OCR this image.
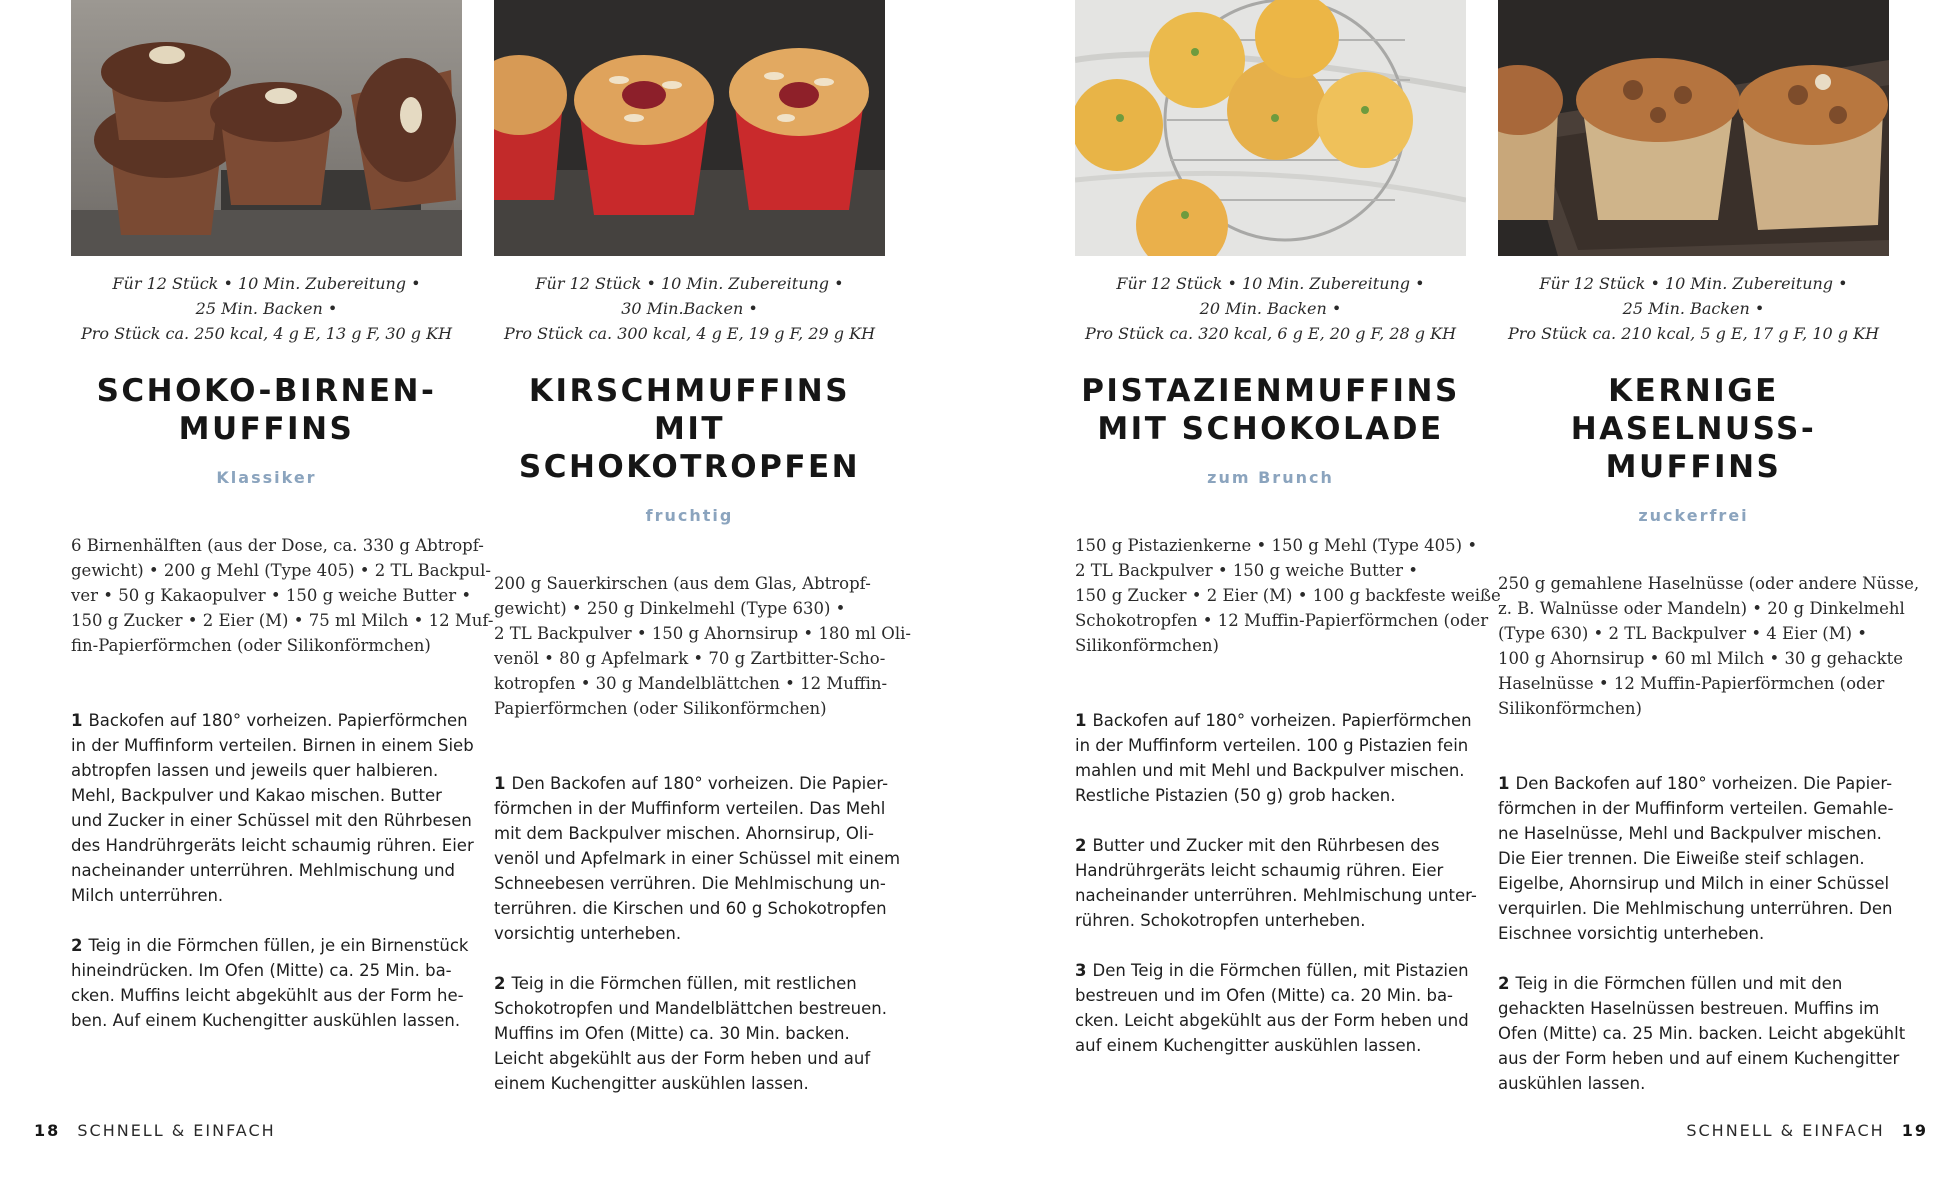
Für 12 Stück • 10 Min. Zubereitung •
25 Min. Backen •
Pro Stück ca. 250 kcal, 4 g E, 13 g F, 30 g KH
SCHOKO-BIRNEN-
MUFFINS
Klassiker
6 Birnenhälften (aus der Dose, ca. 330 g Abtropf-
gewicht) • 200 g Mehl (Type 405) • 2 TL Backpul-
ver • 50 g Kakaopulver • 150 g weiche Butter •
150 g Zucker • 2 Eier (M) • 75 ml Milch • 12 Muf-
fin-Papierförmchen (oder Silikonförmchen)
1 Backofen auf 180° vorheizen. Papierförmchen
in der Muffinform verteilen. Birnen in einem Sieb
abtropfen lassen und jeweils quer halbieren.
Mehl, Backpulver und Kakao mischen. Butter
und Zucker in einer Schüssel mit den Rührbesen
des Handrührgeräts leicht schaumig rühren. Eier
nacheinander unterrühren. Mehlmischung und
Milch unterrühren.
2 Teig in die Förmchen füllen, je ein Birnenstück
hineindrücken. Im Ofen (Mitte) ca. 25 Min. ba-
cken. Muffins leicht abgekühlt aus der Form he-
ben. Auf einem Kuchengitter auskühlen lassen.
Für 12 Stück • 10 Min. Zubereitung •
30 Min.Backen •
Pro Stück ca. 300 kcal, 4 g E, 19 g F, 29 g KH
KIRSCHMUFFINS MIT
SCHOKOTROPFEN
fruchtig
200 g Sauerkirschen (aus dem Glas, Abtropf-
gewicht) • 250 g Dinkelmehl (Type 630) •
2 TL Backpulver • 150 g Ahornsirup • 180 ml Oli-
venöl • 80 g Apfelmark • 70 g Zartbitter-Scho-
kotropfen • 30 g Mandelblättchen • 12 Muffin-
Papierförmchen (oder Silikonförmchen)
1 Den Backofen auf 180° vorheizen. Die Papier-
förmchen in der Muffinform verteilen. Das Mehl
mit dem Backpulver mischen. Ahornsirup, Oli-
venöl und Apfelmark in einer Schüssel mit einem
Schneebesen verrühren. Die Mehlmischung un-
terrühren. die Kirschen und 60 g Schokotropfen
vorsichtig unterheben.
2 Teig in die Förmchen füllen, mit restlichen
Schokotropfen und Mandelblättchen bestreuen.
Muffins im Ofen (Mitte) ca. 30 Min. backen.
Leicht abgekühlt aus der Form heben und auf
einem Kuchengitter auskühlen lassen.
Für 12 Stück • 10 Min. Zubereitung •
20 Min. Backen •
Pro Stück ca. 320 kcal, 6 g E, 20 g F, 28 g KH
PISTAZIENMUFFINS
MIT SCHOKOLADE
zum Brunch
150 g Pistazienkerne • 150 g Mehl (Type 405) •
2 TL Backpulver • 150 g weiche Butter •
150 g Zucker • 2 Eier (M) • 100 g backfeste weiße
Schokotropfen • 12 Muffin-Papierförmchen (oder
Silikonförmchen)
1 Backofen auf 180° vorheizen. Papierförmchen
in der Muffinform verteilen. 100 g Pistazien fein
mahlen und mit Mehl und Backpulver mischen.
Restliche Pistazien (50 g) grob hacken.
2 Butter und Zucker mit den Rührbesen des
Handrührgeräts leicht schaumig rühren. Eier
nacheinander unterrühren. Mehlmischung unter-
rühren. Schokotropfen unterheben.
3 Den Teig in die Förmchen füllen, mit Pistazien
bestreuen und im Ofen (Mitte) ca. 20 Min. ba-
cken. Leicht abgekühlt aus der Form heben und
auf einem Kuchengitter auskühlen lassen.
Für 12 Stück • 10 Min. Zubereitung •
25 Min. Backen •
Pro Stück ca. 210 kcal, 5 g E, 17 g F, 10 g KH
KERNIGE HASELNUSS-
MUFFINS
zuckerfrei
250 g gemahlene Haselnüsse (oder andere Nüsse,
z. B. Walnüsse oder Mandeln) • 20 g Dinkelmehl
(Type 630) • 2 TL Backpulver • 4 Eier (M) •
100 g Ahornsirup • 60 ml Milch • 30 g gehackte
Haselnüsse • 12 Muffin-Papierförmchen (oder
Silikonförmchen)
1 Den Backofen auf 180° vorheizen. Die Papier-
förmchen in der Muffinform verteilen. Gemahle-
ne Haselnüsse, Mehl und Backpulver mischen.
Die Eier trennen. Die Eiweiße steif schlagen.
Eigelbe, Ahornsirup und Milch in einer Schüssel
verquirlen. Die Mehlmischung unterrühren. Den
Eischnee vorsichtig unterheben.
2 Teig in die Förmchen füllen und mit den
gehackten Haselnüssen bestreuen. Muffins im
Ofen (Mitte) ca. 25 Min. backen. Leicht abgekühlt
aus der Form heben und auf einem Kuchengitter
auskühlen lassen.
18 SCHNELL & EINFACH	SCHNELL & EINFACH 19
